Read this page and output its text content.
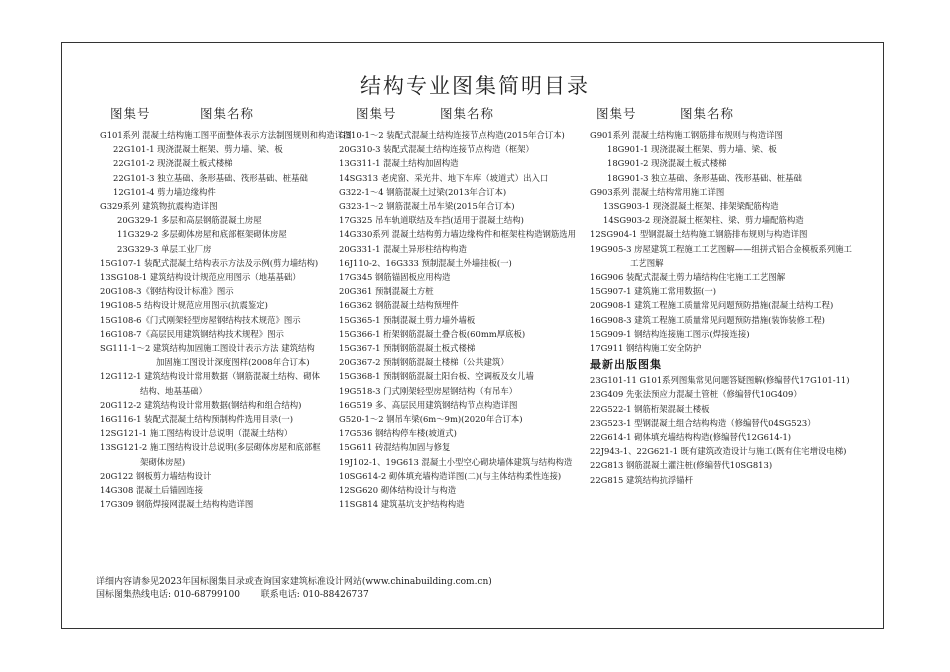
结构专业图集简明目录
图集号	图集名称	图集号	图集名称	图集号	图集名称
G101系列 混凝土结构施工图平面整体表示方法制图规则和构造详图
22G101-1 现浇混凝土框架、剪力墙、梁、板
22G101-2 现浇混凝土板式楼梯
22G101-3 独立基础、条形基础、筏形基础、桩基础
12G101-4 剪力墙边缘构件
G329系列 建筑物抗震构造详图
20G329-1 多层和高层钢筋混凝土房屋
11G329-2 多层砌体房屋和底部框架砌体房屋
23G329-3 单层工业厂房
15G107-1 装配式混凝土结构表示方法及示例(剪力墙结构)
13SG108-1 建筑结构设计规范应用图示（地基基础）
20G108-3《钢结构设计标准》图示
19G108-5 结构设计规范应用图示(抗震鉴定)
15G108-6《门式刚架轻型房屋钢结构技术规范》图示
16G108-7《高层民用建筑钢结构技术规程》图示
SG111-1～2 建筑结构加固施工图设计表示方法 建筑结构
加固施工图设计深度图样(2008年合订本)
12G112-1 建筑结构设计常用数据（钢筋混凝土结构、砌体
结构、地基基础）
20G112-2 建筑结构设计常用数据(钢结构和组合结构)
16G116-1 装配式混凝土结构预制构件选用目录(一)
12SG121-1 施工图结构设计总说明（混凝土结构）
13SG121-2 施工图结构设计总说明(多层砌体房屋和底部框
架砌体房屋)
20G122 钢板剪力墙结构设计
14G308 混凝土后锚固连接
17G309 钢筋焊接网混凝土结构构造详图
G310-1～2 装配式混凝土结构连接节点构造(2015年合订本)
20G310-3 装配式混凝土结构连接节点构造（框架）
13G311-1 混凝土结构加固构造
14SG313 老虎窗、采光井、地下车库（坡道式）出入口
G322-1～4 钢筋混凝土过梁(2013年合订本)
G323-1～2 钢筋混凝土吊车梁(2015年合订本)
17G325 吊车轨道联结及车挡(适用于混凝土结构)
14G330系列 混凝土结构剪力墙边缘构件和框架柱构造钢筋选用
20G331-1 混凝土异形柱结构构造
16J110-2、16G333 预制混凝土外墙挂板(一)
17G345 钢筋锚固板应用构造
20G361 预制混凝土方桩
16G362 钢筋混凝土结构预埋件
15G365-1 预制混凝土剪力墙外墙板
15G366-1 桁架钢筋混凝土叠合板(60mm厚底板)
15G367-1 预制钢筋混凝土板式楼梯
20G367-2 预制钢筋混凝土楼梯（公共建筑）
15G368-1 预制钢筋混凝土阳台板、空调板及女儿墙
19G518-3 门式刚架轻型房屋钢结构（有吊车）
16G519 多、高层民用建筑钢结构节点构造详图
G520-1～2 钢吊车梁(6m～9m)(2020年合订本)
17G536 钢结构停车楼(坡道式)
15G611 砖混结构加固与修复
19J102-1、19G613 混凝土小型空心砌块墙体建筑与结构构造
10SG614-2 砌体填充墙构造详图(二)(与主体结构柔性连接)
12SG620 砌体结构设计与构造
11SG814 建筑基坑支护结构构造
G901系列 混凝土结构施工钢筋排布规则与构造详图
18G901-1 现浇混凝土框架、剪力墙、梁、板
18G901-2 现浇混凝土板式楼梯
18G901-3 独立基础、条形基础、筏形基础、桩基础
G903系列 混凝土结构常用施工详图
13SG903-1 现浇混凝土框架、排架梁配筋构造
14SG903-2 现浇混凝土框架柱、梁、剪力墙配筋构造
12SG904-1 型钢混凝土结构施工钢筋排布规则与构造详图
19G905-3 房屋建筑工程施工工艺图解——组拼式铝合金模板系列施工
工艺图解
16G906 装配式混凝土剪力墙结构住宅施工工艺图解
15G907-1 建筑施工常用数据(一)
20G908-1 建筑工程施工质量常见问题预防措施(混凝土结构工程)
16G908-3 建筑工程施工质量常见问题预防措施(装饰装修工程)
15G909-1 钢结构连接施工图示(焊接连接)
17G911 钢结构施工安全防护
最新出版图集
23G101-11 G101系列图集常见问题答疑图解(修编替代17G101-11)
23G409 先张法预应力混凝土管桩（修编替代10G409）
22G522-1 钢筋桁架混凝土楼板
23G523-1 型钢混凝土组合结构构造（修编替代04SG523）
22G614-1 砌体填充墙结构构造(修编替代12G614-1)
22J943-1、22G621-1 既有建筑改造设计与施工(既有住宅增设电梯)
22G813 钢筋混凝土灌注桩(修编替代10SG813)
22G815 建筑结构抗浮锚杆
详细内容请参见2023年国标图集目录或查询国家建筑标准设计网站(www.chinabuilding.com.cn)
国标图集热线电话: 010-68799100 联系电话: 010-88426737
